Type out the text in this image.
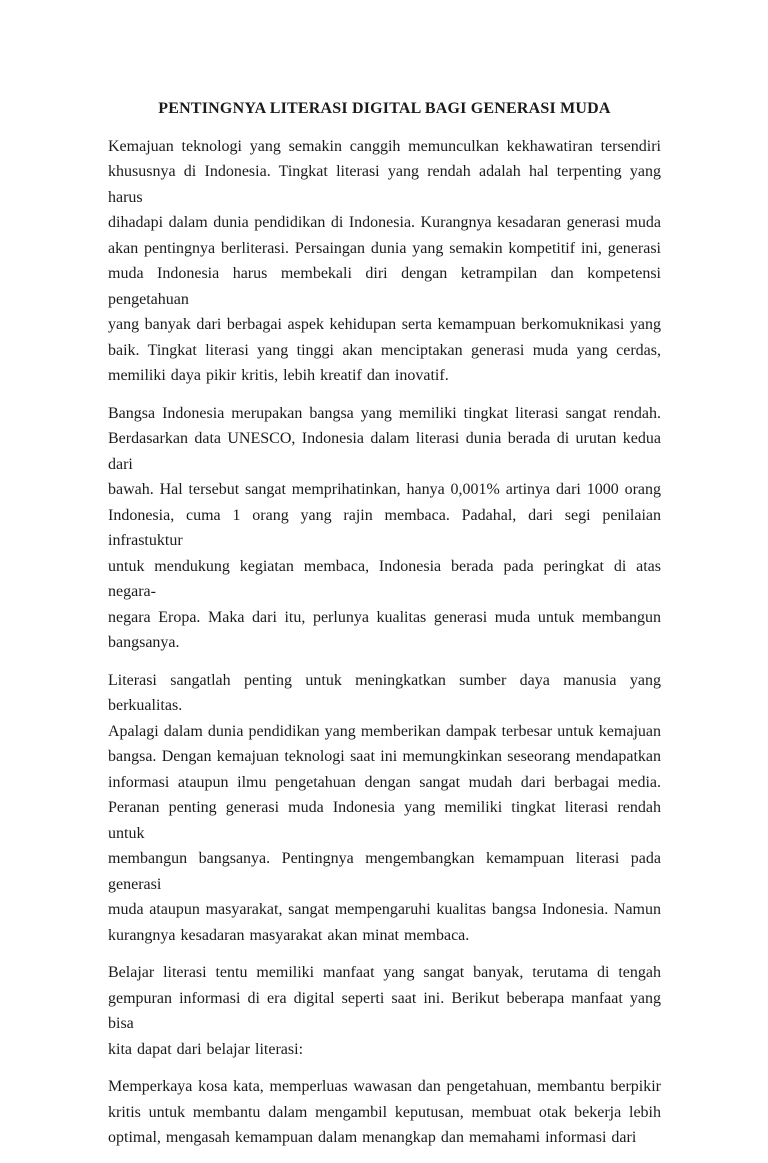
PENTINGNYA LITERASI DIGITAL BAGI GENERASI MUDA
Kemajuan teknologi yang semakin canggih memunculkan kekhawatiran tersendiri
khususnya di Indonesia. Tingkat literasi yang rendah adalah hal terpenting yang harus
dihadapi dalam dunia pendidikan di Indonesia. Kurangnya kesadaran generasi muda
akan pentingnya berliterasi. Persaingan dunia yang semakin kompetitif ini, generasi
muda Indonesia harus membekali diri dengan ketrampilan dan kompetensi pengetahuan
yang banyak dari berbagai aspek kehidupan serta kemampuan berkomuknikasi yang
baik. Tingkat literasi yang tinggi akan menciptakan generasi muda yang cerdas,
memiliki daya pikir kritis, lebih kreatif dan inovatif.
Bangsa Indonesia merupakan bangsa yang memiliki tingkat literasi sangat rendah.
Berdasarkan data UNESCO, Indonesia dalam literasi dunia berada di urutan kedua dari
bawah. Hal tersebut sangat memprihatinkan, hanya 0,001% artinya dari 1000 orang
Indonesia, cuma 1 orang yang rajin membaca. Padahal, dari segi penilaian infrastuktur
untuk mendukung kegiatan membaca, Indonesia berada pada peringkat di atas negara-
negara Eropa. Maka dari itu, perlunya kualitas generasi muda untuk membangun
bangsanya.
Literasi sangatlah penting untuk meningkatkan sumber daya manusia yang berkualitas.
Apalagi dalam dunia pendidikan yang memberikan dampak terbesar untuk kemajuan
bangsa. Dengan kemajuan teknologi saat ini memungkinkan seseorang mendapatkan
informasi ataupun ilmu pengetahuan dengan sangat mudah dari berbagai media.
Peranan penting generasi muda Indonesia yang memiliki tingkat literasi rendah untuk
membangun bangsanya. Pentingnya mengembangkan kemampuan literasi pada generasi
muda ataupun masyarakat, sangat mempengaruhi kualitas bangsa Indonesia. Namun
kurangnya kesadaran masyarakat akan minat membaca.
Belajar literasi tentu memiliki manfaat yang sangat banyak, terutama di tengah
gempuran informasi di era digital seperti saat ini. Berikut beberapa manfaat yang bisa
kita dapat dari belajar literasi:
Memperkaya kosa kata, memperluas wawasan dan pengetahuan, membantu berpikir
kritis untuk membantu dalam mengambil keputusan, membuat otak bekerja lebih
optimal, mengasah kemampuan dalam menangkap dan memahami informasi dari
